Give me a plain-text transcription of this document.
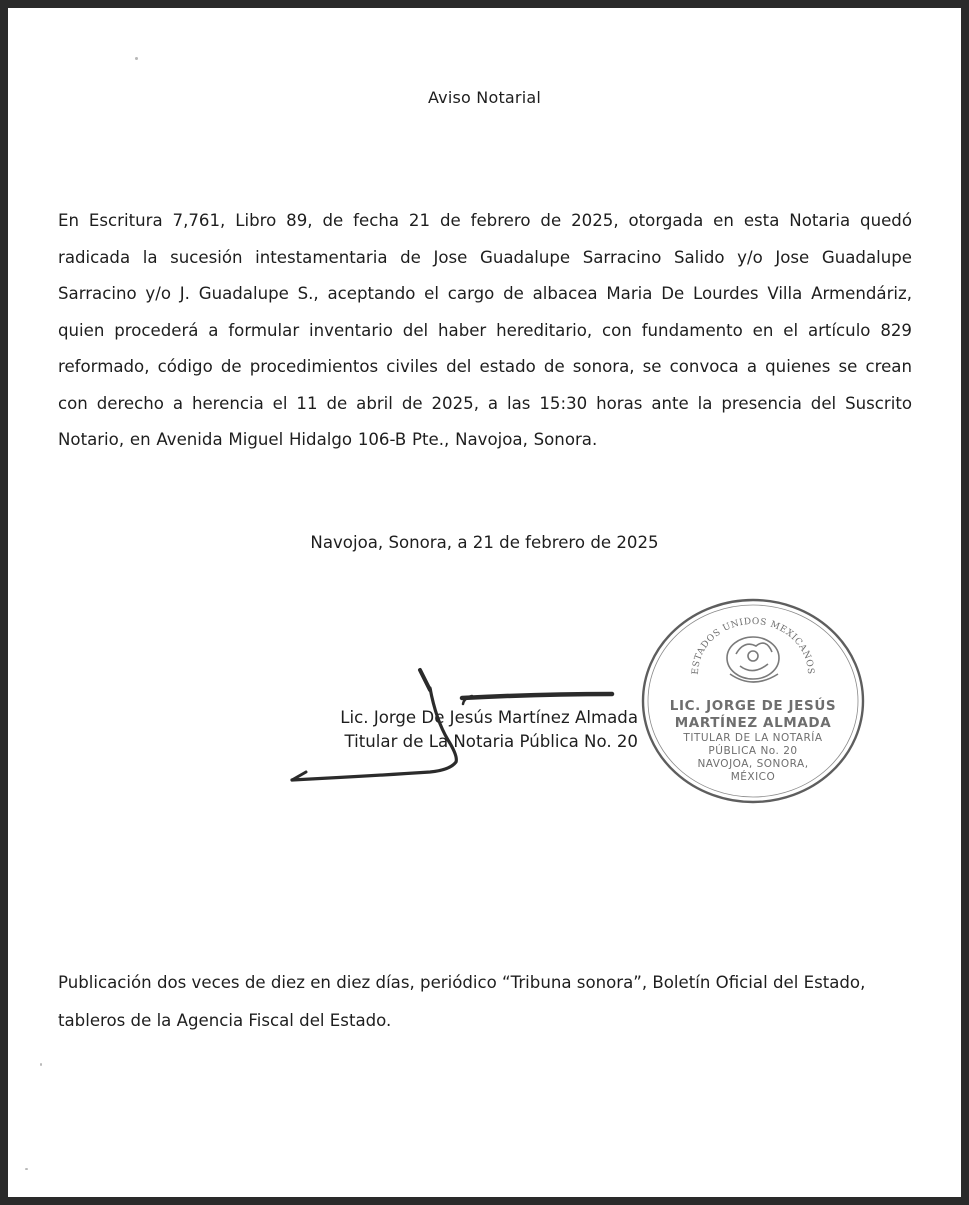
Aviso Notarial
En Escritura 7,761, Libro 89, de fecha 21 de febrero de 2025, otorgada en esta Notaria quedó radicada la sucesión intestamentaria de Jose Guadalupe Sarracino Salido y/o Jose Guadalupe Sarracino y/o J. Guadalupe S., aceptando el cargo de albacea Maria De Lourdes Villa Armendáriz, quien procederá a formular inventario del haber hereditario, con fundamento en el artículo 829 reformado, código de procedimientos civiles del estado de sonora, se convoca a quienes se crean con derecho a herencia el 11 de abril de 2025, a las 15:30 horas ante la presencia del Suscrito Notario, en Avenida Miguel Hidalgo 106-B Pte., Navojoa, Sonora.
Navojoa, Sonora, a 21 de febrero de 2025
ESTADOS UNIDOS MEXICANOS
LIC. JORGE DE JESÚS
MARTÍNEZ ALMADA
TITULAR DE LA NOTARÍA
PÚBLICA No. 20
NAVOJOA, SONORA,
MÉXICO
Lic. Jorge De Jesús Martínez Almada
Titular de La Notaria Pública No. 20
Publicación dos veces de diez en diez días, periódico “Tribuna sonora”, Boletín Oficial del Estado, tableros de la Agencia Fiscal del Estado.
